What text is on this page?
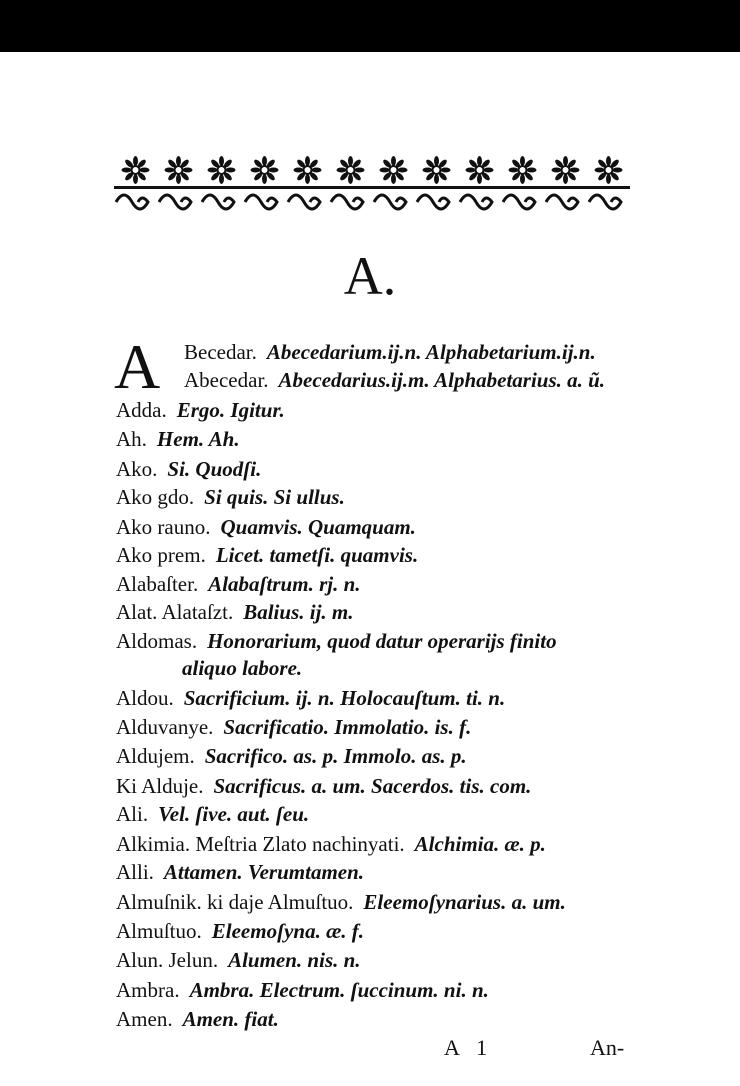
A.
A Becedar. Abecedarium.ij.n. Alphabetarium.ij.n.
Abecedar. Abecedarius.ij.m. Alphabetarius. a. ũ.
Adda. Ergo. Igitur.
Ah. Hem. Ah.
Ako. Si. Quodſi.
Ako gdo. Si quis. Si ullus.
Ako rauno. Quamvis. Quamquam.
Ako prem. Licet. tametſi. quamvis.
Alabaſter. Alabaſtrum. rj. n.
Alat. Alataſzt. Balius. ij. m.
Aldomas. Honorarium, quod datur operarijs finito
aliquo labore.
Aldou. Sacrificium. ij. n. Holocauſtum. ti. n.
Alduvanye. Sacrificatio. Immolatio. is. f.
Aldujem. Sacrifico. as. p. Immolo. as. p.
Ki Alduje. Sacrificus. a. um. Sacerdos. tis. com.
Ali. Vel. ſive. aut. ſeu.
Alkimia. Meſtria Zlato nachinyati. Alchimia. æ. p.
Alli. Attamen. Verumtamen.
Almuſnik. ki daje Almuſtuo. Eleemoſynarius. a. um.
Almuſtuo. Eleemoſyna. æ. f.
Alun. Jelun. Alumen. nis. n.
Ambra. Ambra. Electrum. ſuccinum. ni. n.
Amen. Amen. fiat.
A 1	An-
